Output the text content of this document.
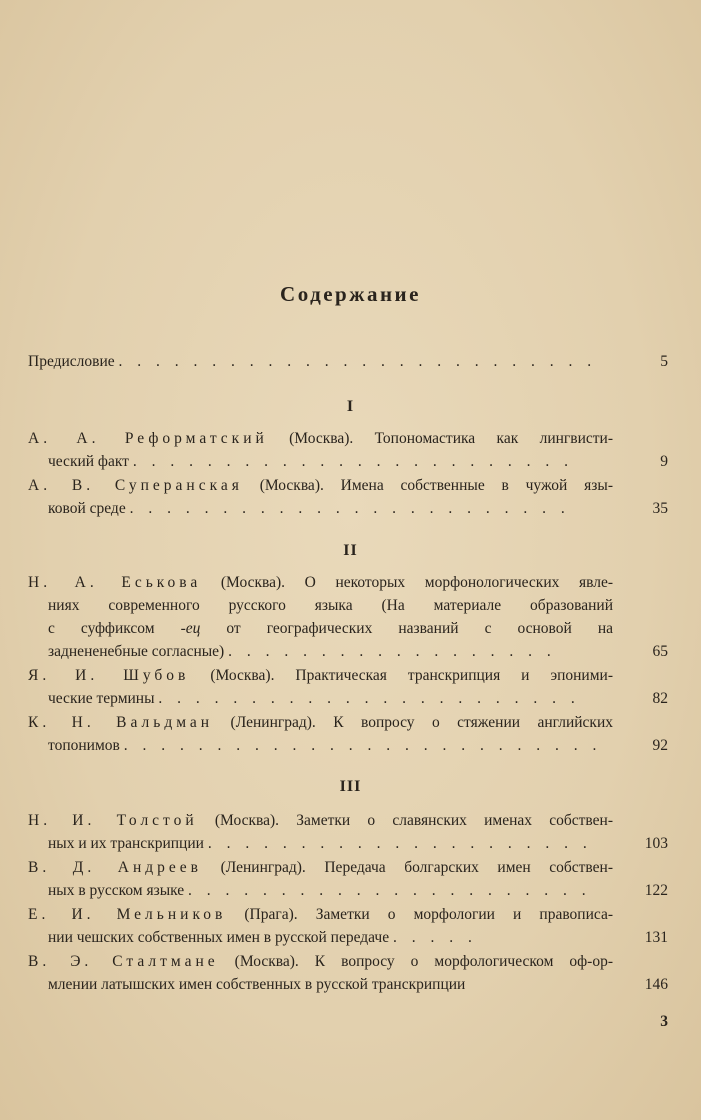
Содержание
Предисловие . . . . . . . . . . . . . . . . . . . . . . . . . .	5
I
А. А. Реформатский (Москва). Топономастика как лингвисти-
ческий факт . . . . . . . . . . . . . . . . . . . . . . . .	9
А. В. Суперанская (Москва). Имена собственные в чужой язы-
ковой среде . . . . . . . . . . . . . . . . . . . . . . . .	35
II
Н. А. Еськова (Москва). О некоторых морфонологических явле-
ниях современного русского языка (На материале образований
с суффиксом -ец от географических названий с основой на
заднененебные согласные) . . . . . . . . . . . . . . . . . .	65
Я. И. Шубов (Москва). Практическая транскрипция и эпоними-
ческие термины . . . . . . . . . . . . . . . . . . . . . . .	82
К. Н. Вальдман (Ленинград). К вопросу о стяжении английских
топонимов . . . . . . . . . . . . . . . . . . . . . . . . . .	92
III
Н. И. Толстой (Москва). Заметки о славянских именах собствен-
ных и их транскрипции . . . . . . . . . . . . . . . . . . . . .	103
В. Д. Андреев (Ленинград). Передача болгарских имен собствен-
ных в русском языке . . . . . . . . . . . . . . . . . . . . . .	122
Е. И. Мельников (Прага). Заметки о морфологии и правописа-
нии чешских собственных имен в русской передаче . . . . .	131
В. Э. Сталтмане (Москва). К вопросу о морфологическом оф-ор-
млении латышских имен собственных в русской транскрипции	146
3
